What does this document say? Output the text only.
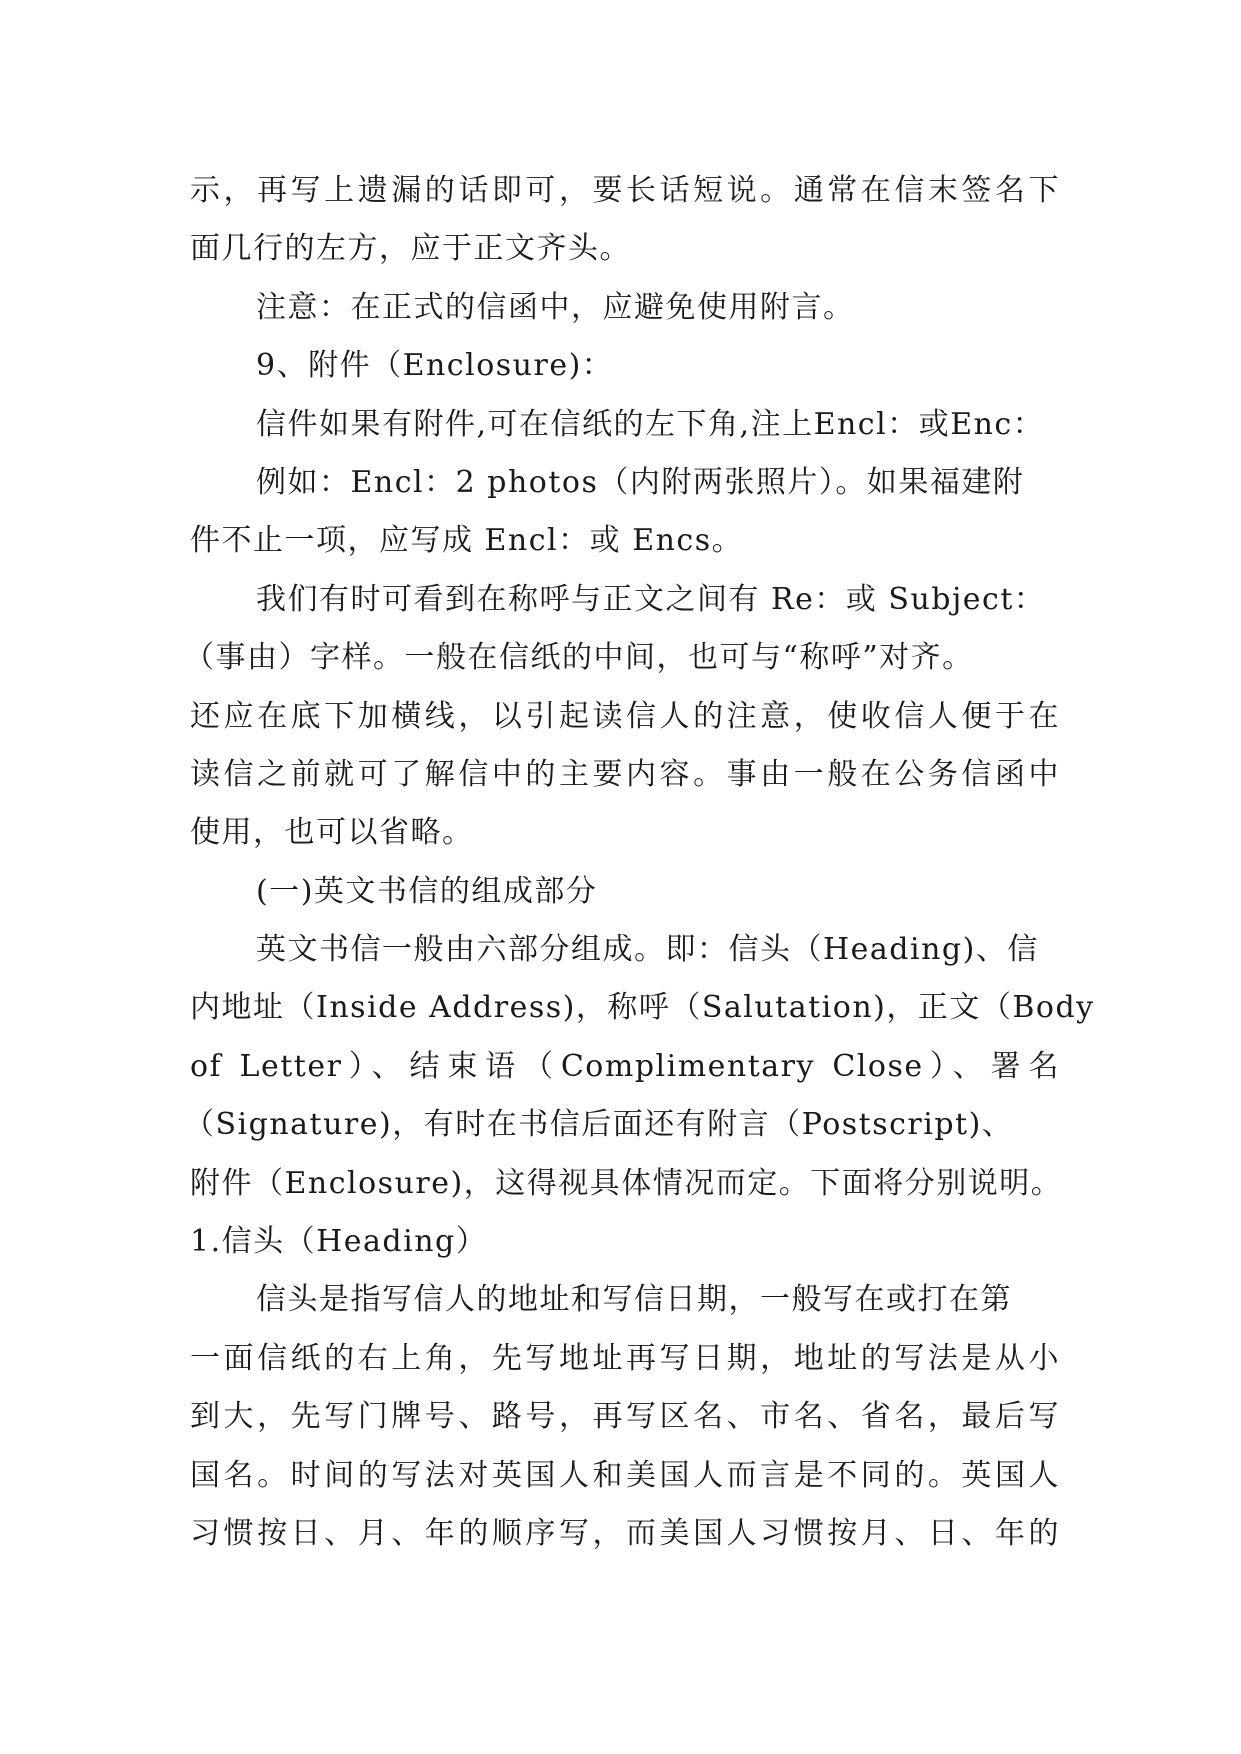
示，再写上遗漏的话即可，要长话短说。通常在信末签名下
面几行的左方，应于正文齐头。
注意：在正式的信函中，应避免使用附言。
9、附件（Enclosure)：
信件如果有附件,可在信纸的左下角,注上Encl：或Enc：
例如：Encl：2 photos（内附两张照片）。如果福建附
件不止一项，应写成 Encl：或 Encs。
我们有时可看到在称呼与正文之间有 Re：或 Subject：
（事由）字样。一般在信纸的中间，也可与“称呼”对齐。
还应在底下加横线，以引起读信人的注意，使收信人便于在
读信之前就可了解信中的主要内容。事由一般在公务信函中
使用，也可以省略。
(一)英文书信的组成部分
英文书信一般由六部分组成。即：信头（Heading)、信
内地址（Inside Address)，称呼（Salutation)，正文（Body
of Letter）、结束语（Complimentary Close）、署名
（Signature)，有时在书信后面还有附言（Postscript)、
附件（Enclosure)，这得视具体情况而定。下面将分别说明。
1.信头（Heading）
信头是指写信人的地址和写信日期，一般写在或打在第
一面信纸的右上角，先写地址再写日期，地址的写法是从小
到大，先写门牌号、路号，再写区名、市名、省名，最后写
国名。时间的写法对英国人和美国人而言是不同的。英国人
习惯按日、月、年的顺序写，而美国人习惯按月、日、年的
